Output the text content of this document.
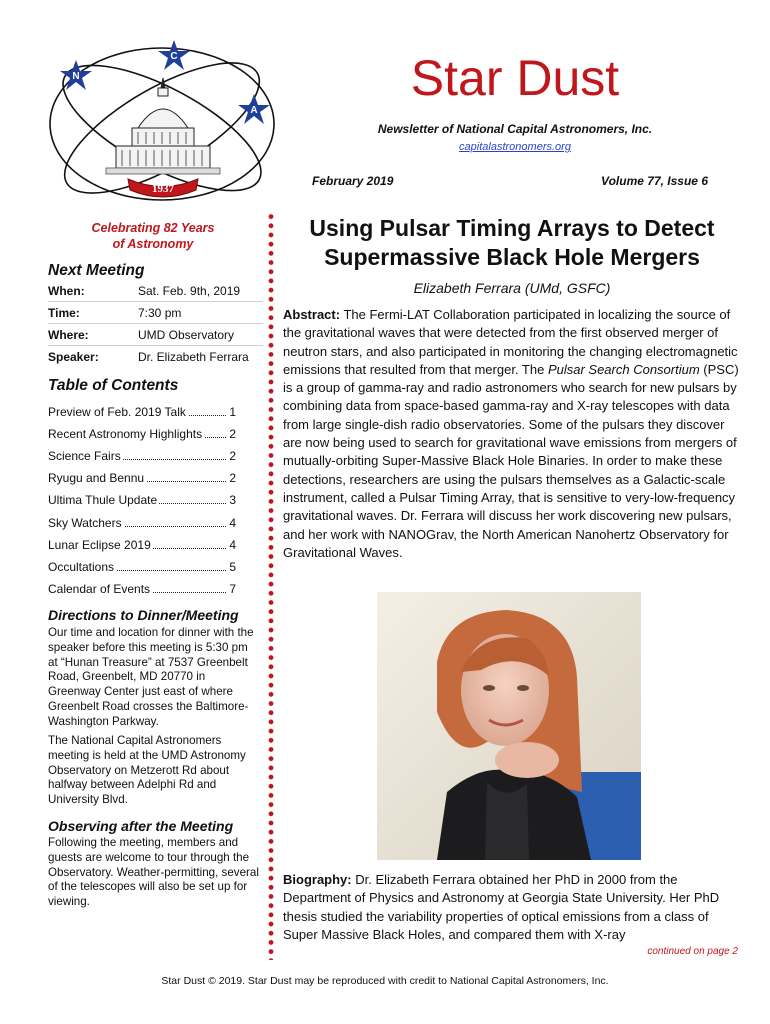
1937
N
C
A
Star Dust
Newsletter of National Capital Astronomers, Inc.
capitalastronomers.org
February 2019	Volume 77, Issue 6
Celebrating 82 Years
of Astronomy
Next Meeting
When:	Sat. Feb. 9th, 2019
Time:	7:30 pm
Where:	UMD Observatory
Speaker:	Dr. Elizabeth Ferrara
Table of Contents
Preview of Feb. 2019 Talk	1
Recent Astronomy Highlights 2
Science Fairs	2
Ryugu and Bennu	2
Ultima Thule Update	3
Sky Watchers	4
Lunar Eclipse 2019	4
Occultations	5
Calendar of Events	7
Directions to Dinner/Meeting
Our time and location for dinner with the speaker before this meeting is 5:30 pm at “Hunan Treasure” at 7537 Greenbelt Road, Greenbelt, MD 20770 in Greenway Center just east of where Greenbelt Road crosses the Baltimore-Washington Parkway.
The National Capital Astronomers meeting is held at the UMD Astronomy Observatory on Metzerott Rd about halfway between Adelphi Rd and University Blvd.
Observing after the Meeting
Following the meeting, members and guests are welcome to tour through the Observatory. Weather-permitting, several of the telescopes will also be set up for viewing.
Using Pulsar Timing Arrays to Detect
Supermassive Black Hole Mergers
Elizabeth Ferrara (UMd, GSFC)
Abstract: The Fermi-LAT Collaboration participated in localizing the source of the gravitational waves that were detected from the first observed merger of neutron stars, and also participated in monitoring the changing electromagnetic emissions that resulted from that merger. The Pulsar Search Consortium (PSC) is a group of gamma-ray and radio astronomers who search for new pulsars by combining data from space-based gamma-ray and X-ray telescopes with data from large single-dish radio observatories. Some of the pulsars they discover are now being used to search for gravitational wave emissions from mergers of mutually-orbiting Super-Massive Black Hole Binaries. In order to make these detections, researchers are using the pulsars themselves as a Galactic-scale instrument, called a Pulsar Timing Array, that is sensitive to very-low-frequency gravitational waves. Dr. Ferrara will discuss her work discovering new pulsars, and her work with NANOGrav, the North American Nanohertz Observatory for Gravitational Waves.
Biography: Dr. Elizabeth Ferrara obtained her PhD in 2000 from the Department of Physics and Astronomy at Georgia State University. Her PhD thesis studied the variability properties of optical emissions from a class of Super Massive Black Holes, and compared them with X-ray
continued on page 2
Star Dust © 2019. Star Dust may be reproduced with credit to National Capital Astronomers, Inc.
